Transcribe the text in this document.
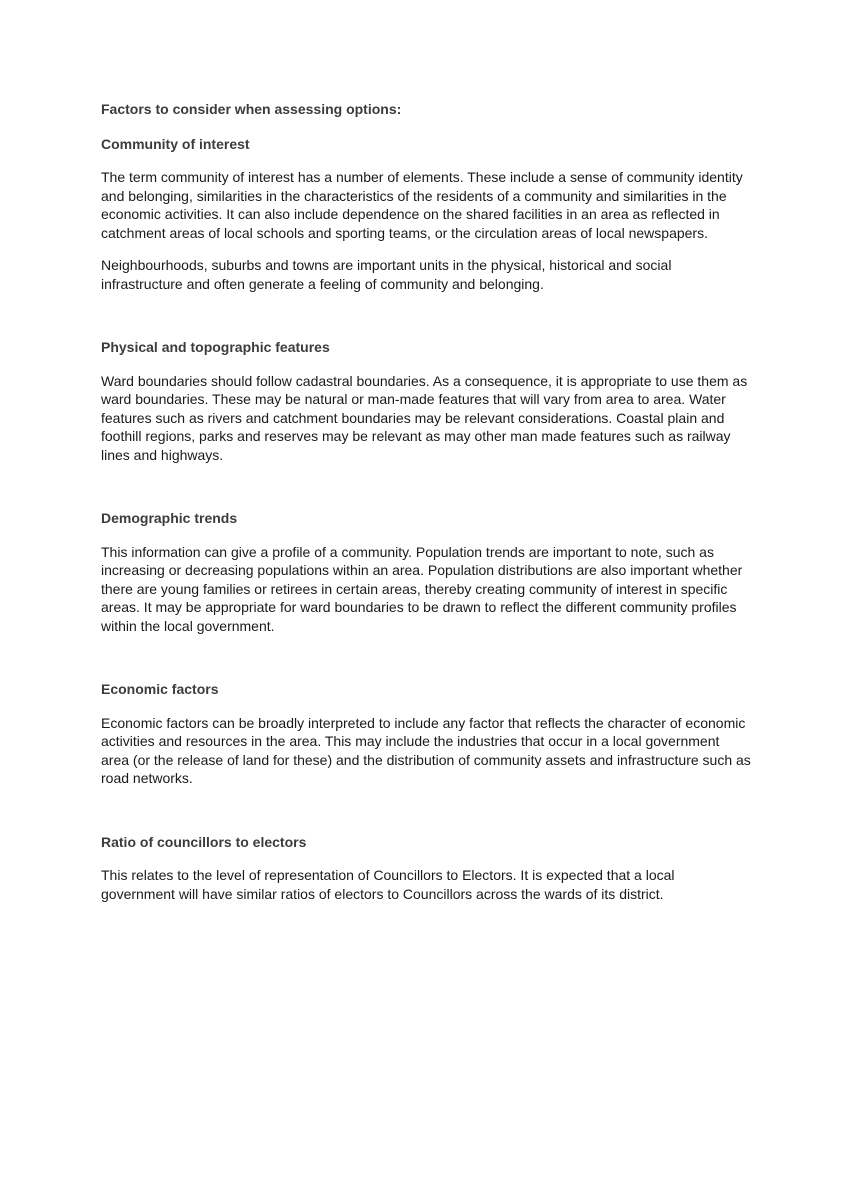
Factors to consider when assessing options:

Community of interest

The term community of interest has a number of elements. These include a sense of community identity and belonging, similarities in the characteristics of the residents of a community and similarities in the economic activities. It can also include dependence on the shared facilities in an area as reflected in catchment areas of local schools and sporting teams, or the circulation areas of local newspapers.

Neighbourhoods, suburbs and towns are important units in the physical, historical and social infrastructure and often generate a feeling of community and belonging.

Physical and topographic features

Ward boundaries should follow cadastral boundaries. As a consequence, it is appropriate to use them as ward boundaries. These may be natural or man-made features that will vary from area to area. Water features such as rivers and catchment boundaries may be relevant considerations. Coastal plain and foothill regions, parks and reserves may be relevant as may other man made features such as railway lines and highways.

Demographic trends

This information can give a profile of a community. Population trends are important to note, such as increasing or decreasing populations within an area. Population distributions are also important whether there are young families or retirees in certain areas, thereby creating community of interest in specific areas. It may be appropriate for ward boundaries to be drawn to reflect the different community profiles within the local government.

Economic factors

Economic factors can be broadly interpreted to include any factor that reflects the character of economic activities and resources in the area. This may include the industries that occur in a local government area (or the release of land for these) and the distribution of community assets and infrastructure such as road networks.

Ratio of councillors to electors

This relates to the level of representation of Councillors to Electors. It is expected that a local government will have similar ratios of electors to Councillors across the wards of its district.
